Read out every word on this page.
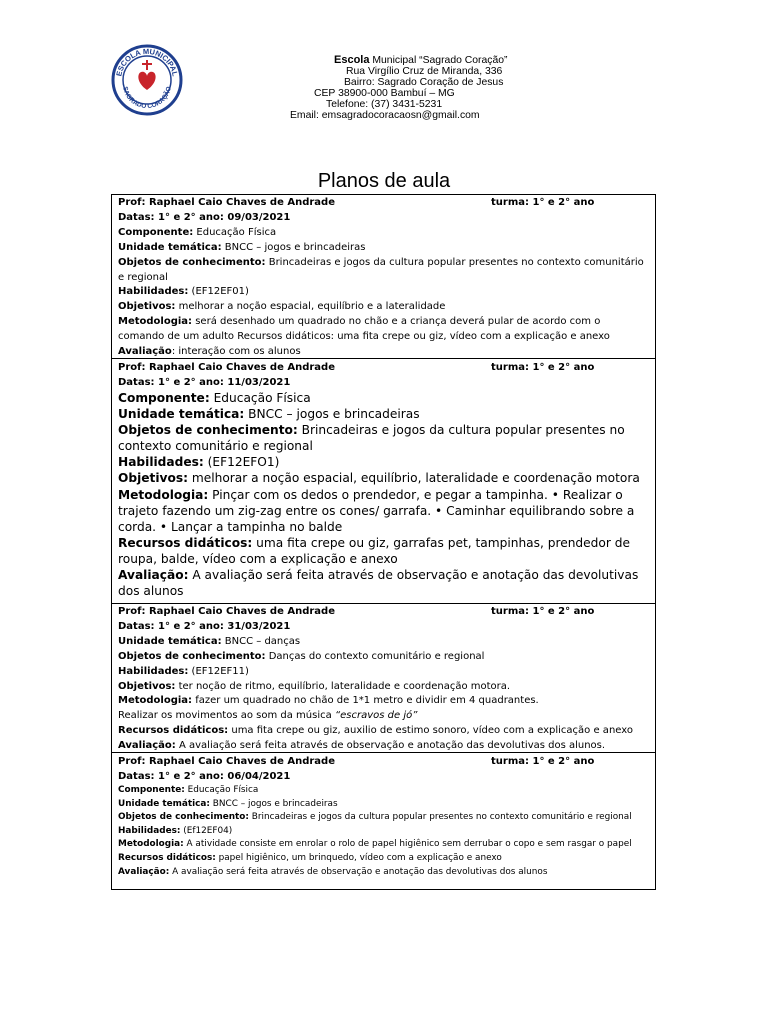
ESCOLA MUNICIPAL
SAGRADO CORAÇÃO
Escola Municipal “Sagrado Coração”
Rua Virgílio Cruz de Miranda, 336
Bairro: Sagrado Coração de Jesus
CEP 38900-000 Bambuí – MG
Telefone: (37) 3431-5231
Email: emsagradocoracaosn@gmail.com
Planos de aula
Prof: Raphael Caio Chaves de Andrade	turma: 1° e 2° ano
Datas: 1° e 2° ano: 09/03/2021
Componente: Educação Física
Unidade temática: BNCC – jogos e brincadeiras
Objetos de conhecimento: Brincadeiras e jogos da cultura popular presentes no contexto comunitário e regional
Habilidades: (EF12EF01)
Objetivos: melhorar a noção espacial, equilíbrio e a lateralidade
Metodologia: será desenhado um quadrado no chão e a criança deverá pular de acordo com o comando de um adulto Recursos didáticos: uma fita crepe ou giz, vídeo com a explicação e anexo
Avaliação: interação com os alunos
Prof: Raphael Caio Chaves de Andrade	turma: 1° e 2° ano
Datas: 1° e 2° ano: 11/03/2021
Componente: Educação Física
Unidade temática: BNCC – jogos e brincadeiras
Objetos de conhecimento: Brincadeiras e jogos da cultura popular presentes no contexto comunitário e regional
Habilidades: (EF12EFO1)
Objetivos: melhorar a noção espacial, equilíbrio, lateralidade e coordenação motora
Metodologia: Pinçar com os dedos o prendedor, e pegar a tampinha. • Realizar o trajeto fazendo um zig-zag entre os cones/ garrafa. • Caminhar equilibrando sobre a corda. • Lançar a tampinha no balde
Recursos didáticos: uma fita crepe ou giz, garrafas pet, tampinhas, prendedor de roupa, balde, vídeo com a explicação e anexo
Avaliação: A avaliação será feita através de observação e anotação das devolutivas dos alunos
Prof: Raphael Caio Chaves de Andrade	turma: 1° e 2° ano
Datas: 1° e 2° ano: 31/03/2021
Unidade temática: BNCC – danças
Objetos de conhecimento: Danças do contexto comunitário e regional
Habilidades: (EF12EF11)
Objetivos: ter noção de ritmo, equilíbrio, lateralidade e coordenação motora.
Metodologia: fazer um quadrado no chão de 1*1 metro e dividir em 4 quadrantes.
Realizar os movimentos ao som da música “escravos de jó”
Recursos didáticos: uma fita crepe ou giz, auxilio de estimo sonoro, vídeo com a explicação e anexo
Avaliação: A avaliação será feita através de observação e anotação das devolutivas dos alunos.
Prof: Raphael Caio Chaves de Andrade	turma: 1° e 2° ano
Datas: 1° e 2° ano: 06/04/2021
Componente: Educação Física
Unidade temática: BNCC – jogos e brincadeiras
Objetos de conhecimento: Brincadeiras e jogos da cultura popular presentes no contexto comunitário e regional
Habilidades: (Ef12EF04)
Metodologia: A atividade consiste em enrolar o rolo de papel higiênico sem derrubar o copo e sem rasgar o papel
Recursos didáticos: papel higiênico, um brinquedo, vídeo com a explicação e anexo
Avaliação: A avaliação será feita através de observação e anotação das devolutivas dos alunos
